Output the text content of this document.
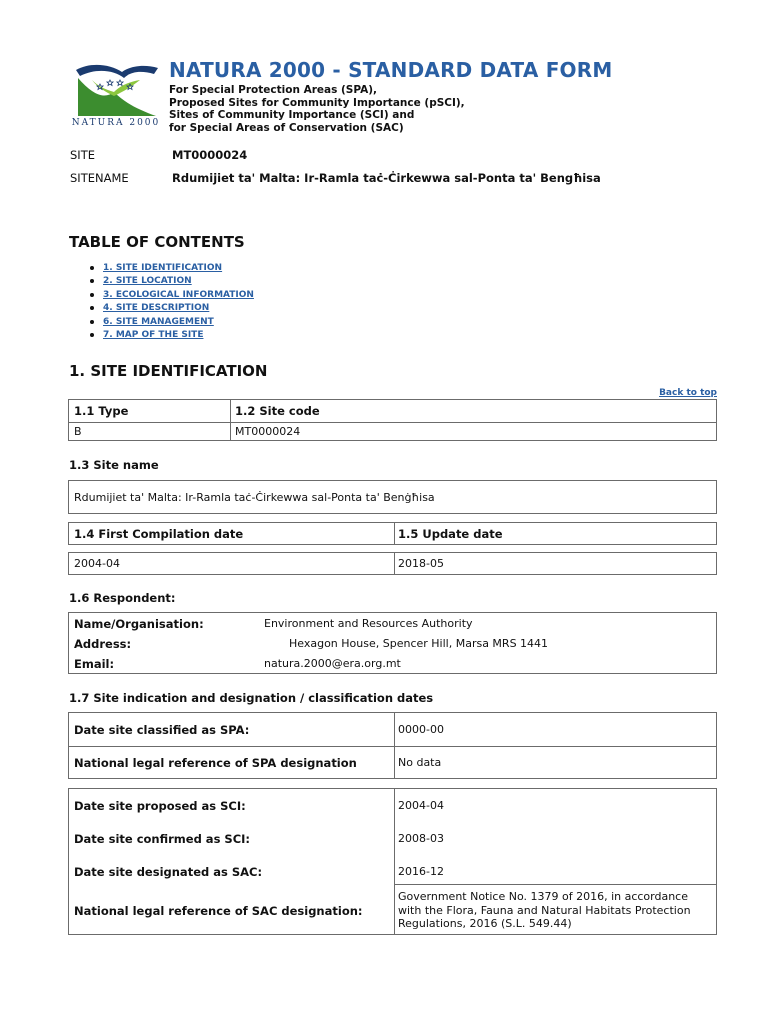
NATURA 2000
NATURA 2000 - STANDARD DATA FORM
For Special Protection Areas (SPA),
Proposed Sites for Community Importance (pSCI),
Sites of Community Importance (SCI) and
for Special Areas of Conservation (SAC)
SITE	MT0000024
SITENAME	Rdumijiet ta' Malta: Ir-Ramla taċ-Ċirkewwa sal-Ponta ta' Bengħisa
TABLE OF CONTENTS
1. SITE IDENTIFICATION
2. SITE LOCATION
3. ECOLOGICAL INFORMATION
4. SITE DESCRIPTION
6. SITE MANAGEMENT
7. MAP OF THE SITE
1. SITE IDENTIFICATION
Back to top
1.1 Type	1.2 Site code
B	MT0000024
1.3 Site name
Rdumijiet ta' Malta: Ir-Ramla taċ-Ċirkewwa sal-Ponta ta' Benġħisa
1.4 First Compilation date	1.5 Update date
2004-04	2018-05
1.6 Respondent:
Name/Organisation:	Environment and Resources Authority
Address:	Hexagon House, Spencer Hill, Marsa MRS 1441
Email:	natura.2000@era.org.mt
1.7 Site indication and designation / classification dates
Date site classified as SPA:	0000-00
National legal reference of SPA designation	No data
Date site proposed as SCI:	2004-04
Date site confirmed as SCI:	2008-03
Date site designated as SAC:	2016-12
National legal reference of SAC designation:
Government Notice No. 1379 of 2016, in accordance
with the Flora, Fauna and Natural Habitats Protection
Regulations, 2016 (S.L. 549.44)
